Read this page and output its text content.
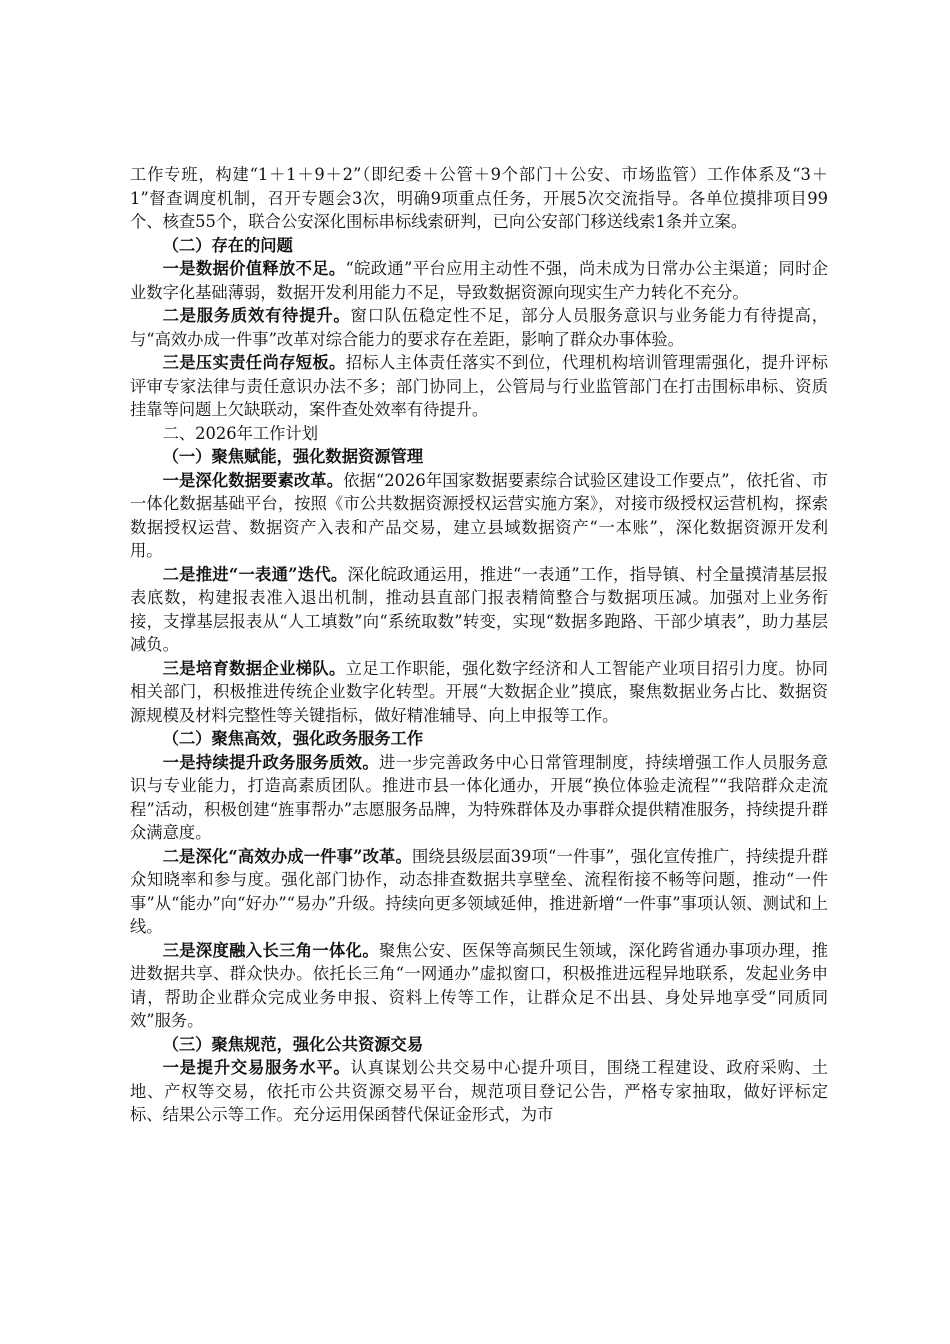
工作专班，构建“1＋1＋9＋2”（即纪委＋公管＋9个部门＋公安、市场监管）工作体系及“3＋1”督查调度机制，召开专题会3次，明确9项重点任务，开展5次交流指导。各单位摸排项目99个、核查55个，联合公安深化围标串标线索研判，已向公安部门移送线索1条并立案。

（二）存在的问题

一是数据价值释放不足。“皖政通”平台应用主动性不强，尚未成为日常办公主渠道；同时企业数字化基础薄弱，数据开发利用能力不足，导致数据资源向现实生产力转化不充分。

二是服务质效有待提升。窗口队伍稳定性不足，部分人员服务意识与业务能力有待提高，与“高效办成一件事”改革对综合能力的要求存在差距，影响了群众办事体验。

三是压实责任尚存短板。招标人主体责任落实不到位，代理机构培训管理需强化，提升评标评审专家法律与责任意识办法不多；部门协同上，公管局与行业监管部门在打击围标串标、资质挂靠等问题上欠缺联动，案件查处效率有待提升。

二、2026年工作计划

（一）聚焦赋能，强化数据资源管理

一是深化数据要素改革。依据“2026年国家数据要素综合试验区建设工作要点”，依托省、市一体化数据基础平台，按照《市公共数据资源授权运营实施方案》，对接市级授权运营机构，探索数据授权运营、数据资产入表和产品交易，建立县域数据资产“一本账”，深化数据资源开发利用。

二是推进“一表通”迭代。深化皖政通运用，推进“一表通”工作，指导镇、村全量摸清基层报表底数，构建报表准入退出机制，推动县直部门报表精简整合与数据项压减。加强对上业务衔接，支撑基层报表从“人工填数”向“系统取数”转变，实现“数据多跑路、干部少填表”，助力基层减负。

三是培育数据企业梯队。立足工作职能，强化数字经济和人工智能产业项目招引力度。协同相关部门，积极推进传统企业数字化转型。开展“大数据企业”摸底，聚焦数据业务占比、数据资源规模及材料完整性等关键指标，做好精准辅导、向上申报等工作。

（二）聚焦高效，强化政务服务工作

一是持续提升政务服务质效。进一步完善政务中心日常管理制度，持续增强工作人员服务意识与专业能力，打造高素质团队。推进市县一体化通办，开展“换位体验走流程”“我陪群众走流程”活动，积极创建“旌事帮办”志愿服务品牌，为特殊群体及办事群众提供精准服务，持续提升群众满意度。

二是深化“高效办成一件事”改革。围绕县级层面39项“一件事”，强化宣传推广，持续提升群众知晓率和参与度。强化部门协作，动态排查数据共享壁垒、流程衔接不畅等问题，推动“一件事”从“能办”向“好办”“易办”升级。持续向更多领域延伸，推进新增“一件事”事项认领、测试和上线。

三是深度融入长三角一体化。聚焦公安、医保等高频民生领域，深化跨省通办事项办理，推进数据共享、群众快办。依托长三角“一网通办”虚拟窗口，积极推进远程异地联系，发起业务申请，帮助企业群众完成业务申报、资料上传等工作，让群众足不出县、身处异地享受“同质同效”服务。

（三）聚焦规范，强化公共资源交易

一是提升交易服务水平。认真谋划公共交易中心提升项目，围绕工程建设、政府采购、土地、产权等交易，依托市公共资源交易平台，规范项目登记公告，严格专家抽取，做好评标定标、结果公示等工作。充分运用保函替代保证金形式，为市
